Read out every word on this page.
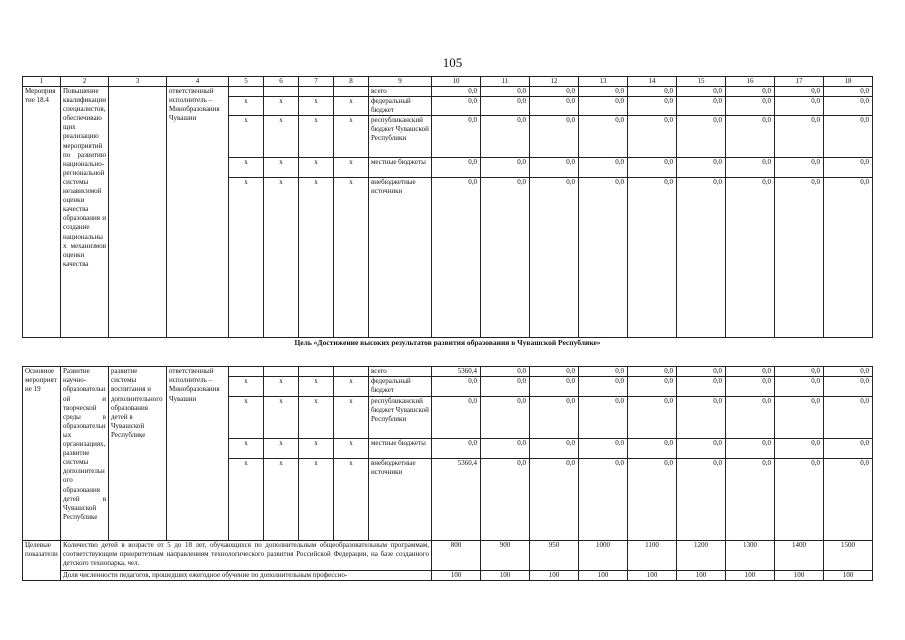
105
1	2	3	4	5	6	7	8	9	10	11	12	13	14	15	16	17	18
Мероприятие 18.4	Повышение квалификации специалистов, обеспечивающих реализацию мероприятий по развитию национально-региональной системы независимой оценки качества образования и создание национальных механизмов оценки качества		ответственный исполнитель – Минобразования Чувашии					всего	0,0	0,0	0,0	0,0	0,0	0,0	0,0	0,0	0,0
				х	х	х	х	федеральный бюджет	0,0	0,0	0,0	0,0	0,0	0,0	0,0	0,0	0,0
				х	х	х	х	республиканский бюджет Чувашской Республики	0,0	0,0	0,0	0,0	0,0	0,0	0,0	0,0	0,0
				х	х	х	х	местные бюджеты	0,0	0,0	0,0	0,0	0,0	0,0	0,0	0,0	0,0
				х	х	х	х	внебюджетные источники	0,0	0,0	0,0	0,0	0,0	0,0	0,0	0,0	0,0
Цель «Достижение высоких результатов развития образования в Чувашской Республике»																	
Основное мероприятие 19	Развитие научно-образовательной и творческой среды в образовательных организациях, развитие системы дополнительного образования детей в Чувашской Республике	развитие системы воспитания и дополнительного образования детей в Чувашской Республике	ответственный исполнитель – Минобразования Чувашии					всего	5360,4	0,0	0,0	0,0	0,0	0,0	0,0	0,0	0,0
				х	х	х	х	федеральный бюджет	0,0	0,0	0,0	0,0	0,0	0,0	0,0	0,0	0,0
				х	х	х	х	республиканский бюджет Чувашской Республики	0,0	0,0	0,0	0,0	0,0	0,0	0,0	0,0	0,0
				х	х	х	х	местные бюджеты	0,0	0,0	0,0	0,0	0,0	0,0	0,0	0,0	0,0
				х	х	х	х	внебюджетные источники	5360,4	0,0	0,0	0,0	0,0	0,0	0,0	0,0	0,0
Целевые показатели	Количество детей в возрасте от 5 до 18 лет, обучающихся по дополнительным общеобразовательным программам, соответствующим приоритетным направлениям технологического развития Российской Федерации, на базе созданного детского технопарка, чел.								800	900	950	1000	1100	1200	1300	1400	1500
	Доля численности педагогов, прошедших ежегодное обучение по дополнительным профессио-								100	100	100	100	100	100	100	100	100
